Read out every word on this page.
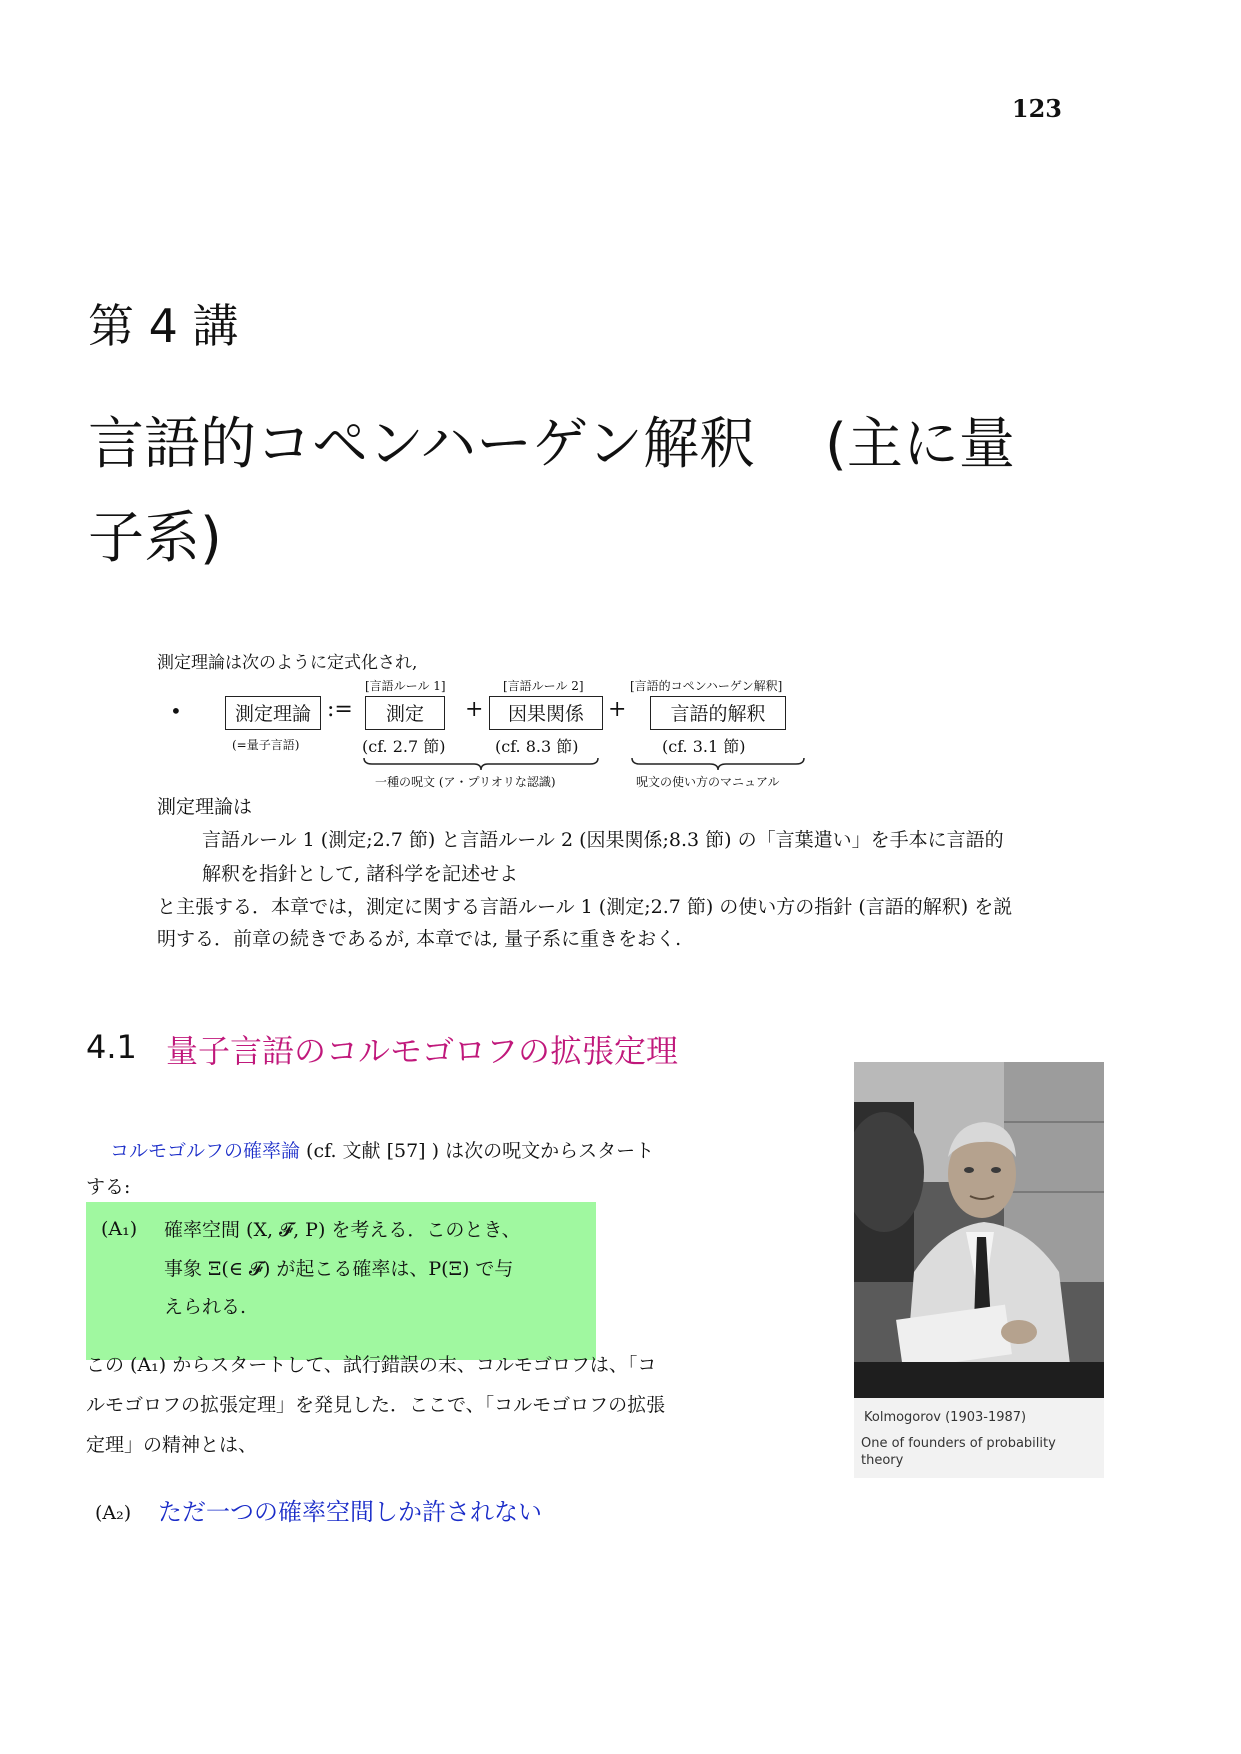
123
第 4 講
言語的コペンハーゲン解釈 (主に量
子系)
測定理論は次のように定式化され,
•	測定理論
(=量子言語)
:=
[言語ルール 1]
測定
(cf. 2.7 節)
+
[言語ルール 2]
因果関係
(cf. 8.3 節)
+
[言語的コペンハーゲン解釈]
言語的解釈
(cf. 3.1 節)
一種の呪文 (ア・プリオリな認識)	呪文の使い方のマニュアル
測定理論は
言語ルール 1 (測定;2.7 節) と言語ルール 2 (因果関係;8.3 節) の「言葉遣い」を手本に言語的
解釈を指針として, 諸科学を記述せよ
と主張する．本章では，測定に関する言語ルール 1 (測定;2.7 節) の使い方の指針 (言語的解釈) を説
明する．前章の続きであるが, 本章では, 量子系に重きをおく.
4.1 量子言語のコルモゴロフの拡張定理
コルモゴルフの確率論 (cf. 文献 [57] ) は次の呪文からスタート
する:
(A₁) 確率空間 (X, 𝓕, P) を考える．このとき、
事象 Ξ(∈ 𝓕) が起こる確率は、P(Ξ) で与
えられる.
この (A₁) からスタートして、試行錯誤の末、コルモゴロフは、「コ
ルモゴロフの拡張定理」を発見した．ここで、「コルモゴロフの拡張
定理」の精神とは、
(A₂) ただ一つの確率空間しか許されない
Kolmogorov (1903-1987)
One of founders of probability
theory
